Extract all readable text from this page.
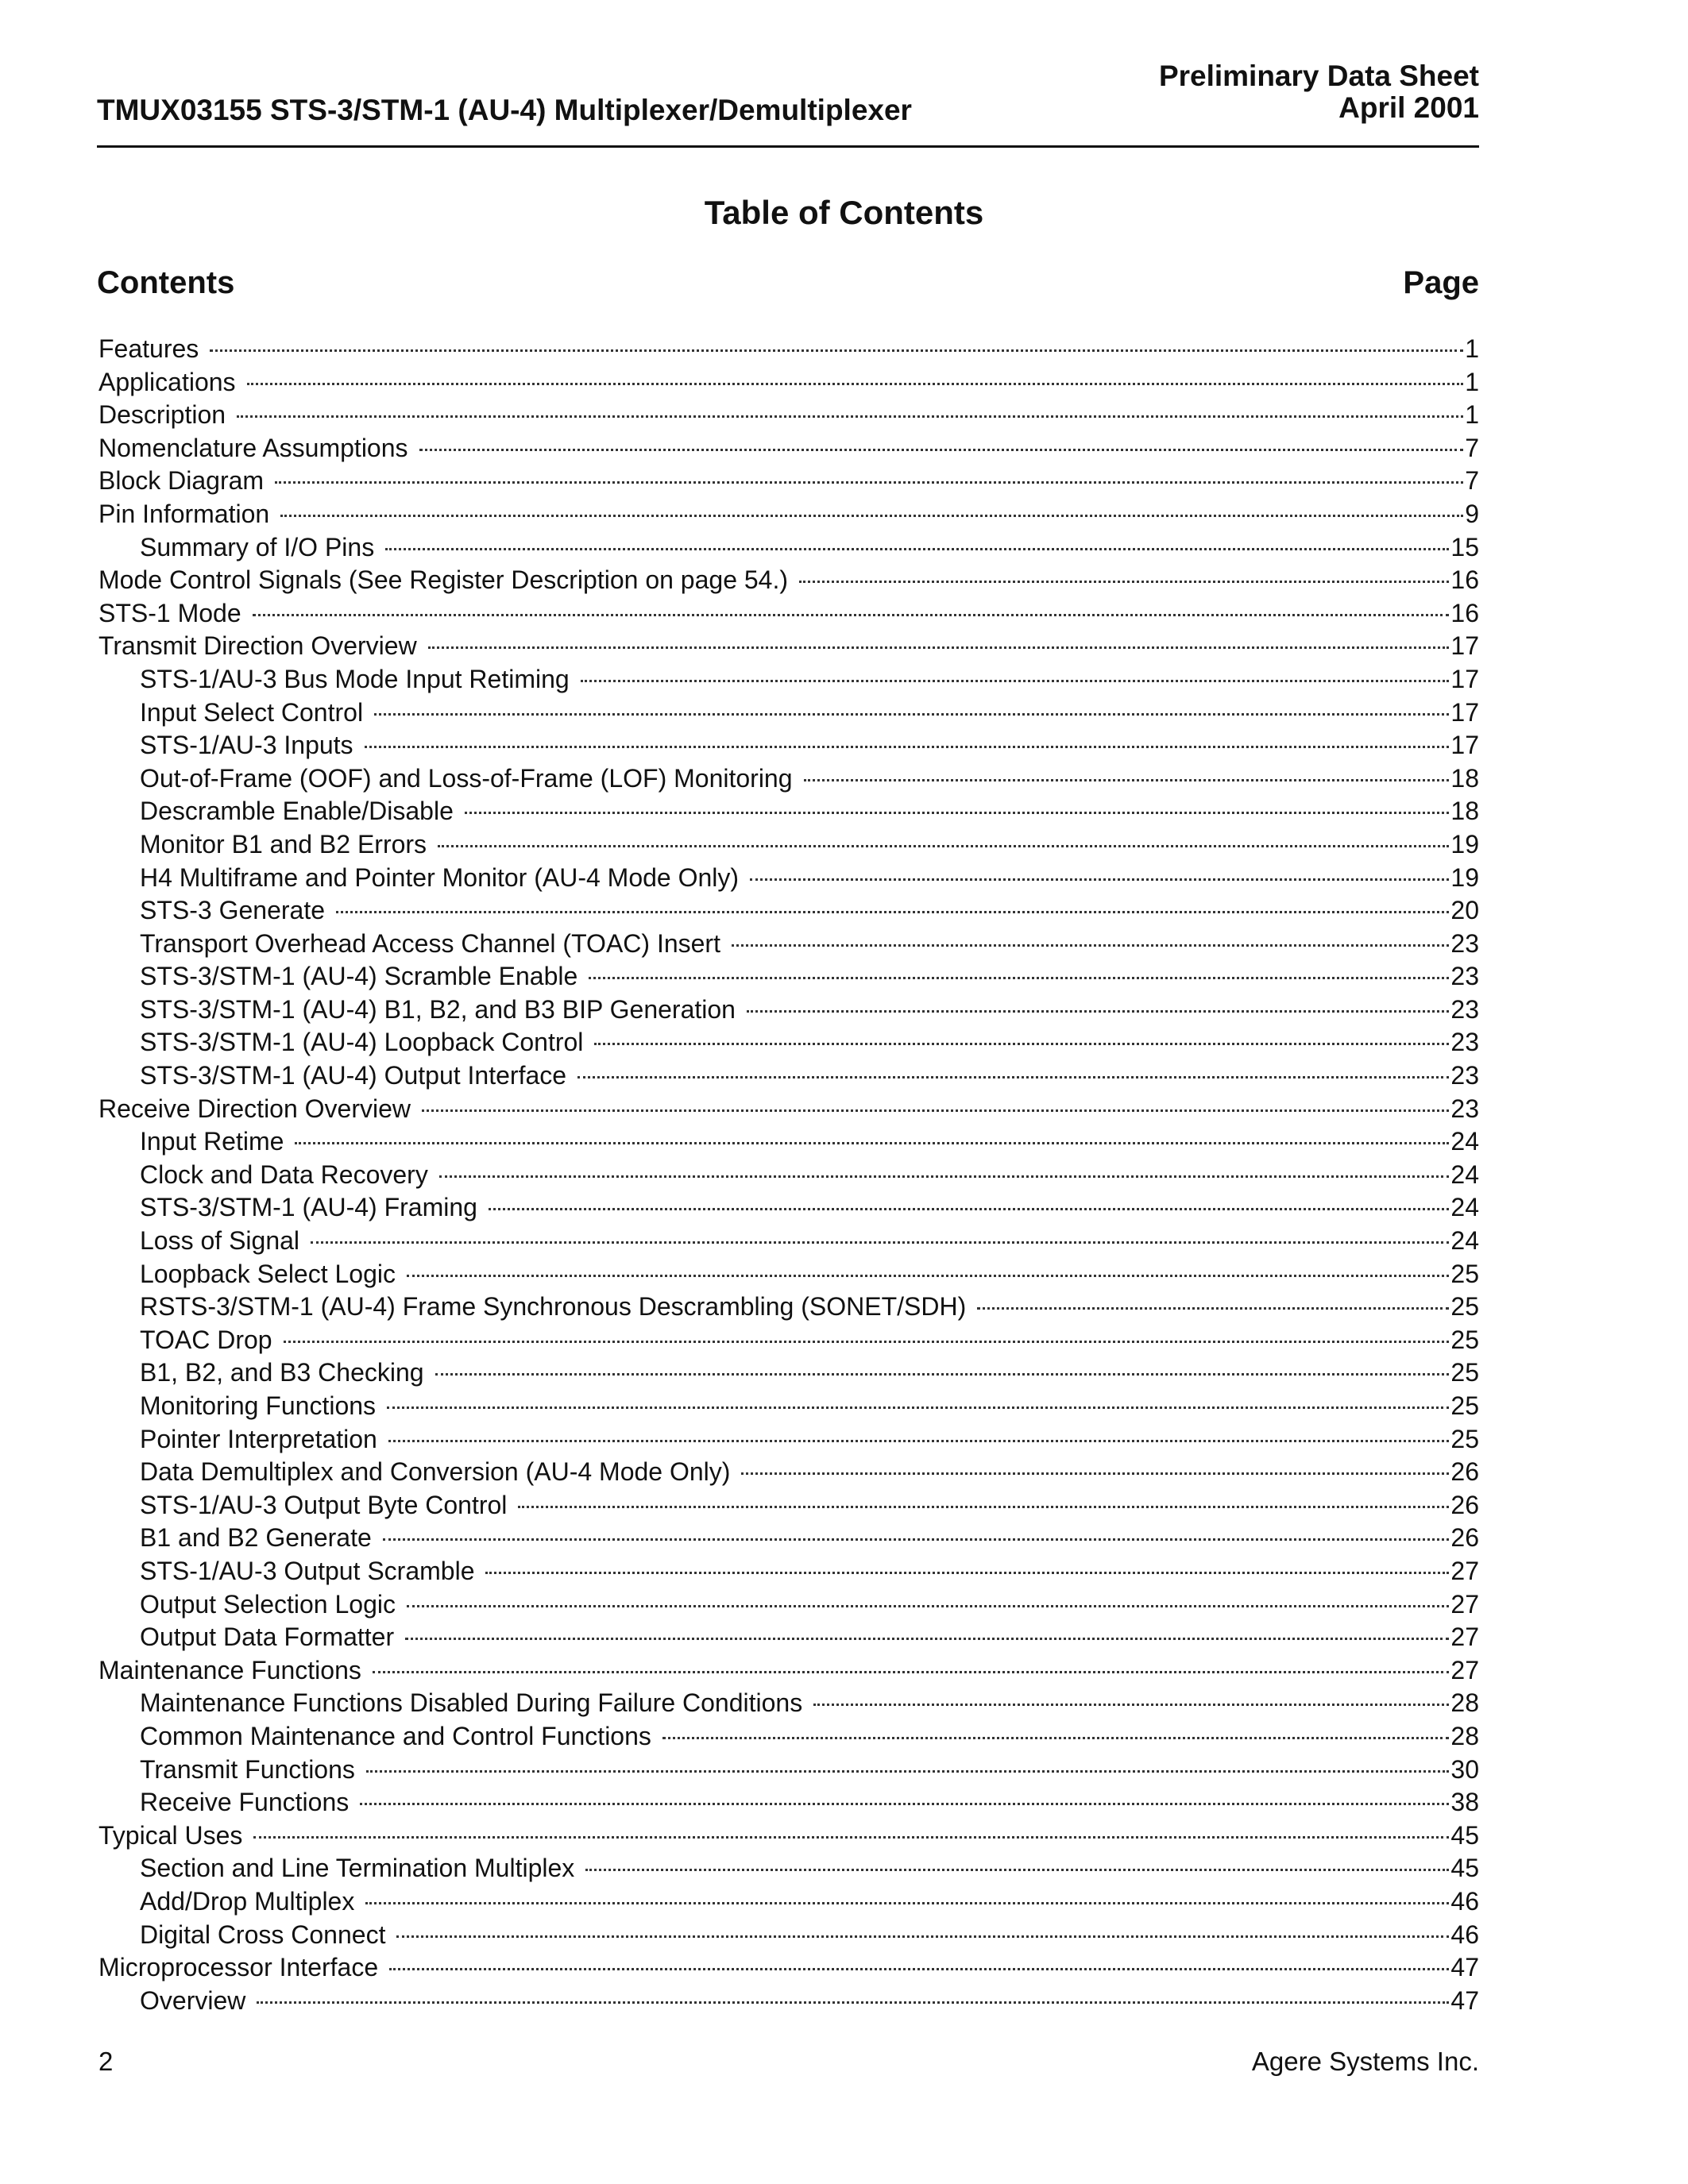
TMUX03155 STS-3/STM-1 (AU-4) Multiplexer/Demultiplexer
Preliminary Data Sheet
April 2001
Table of Contents
Contents	Page
Features	1
Applications	1
Description	1
Nomenclature Assumptions	7
Block Diagram	7
Pin Information	9
Summary of I/O Pins	15
Mode Control Signals (See Register Description on page 54.)	16
STS-1 Mode	16
Transmit Direction Overview	17
STS-1/AU-3 Bus Mode Input Retiming	17
Input Select Control	17
STS-1/AU-3 Inputs	17
Out-of-Frame (OOF) and Loss-of-Frame (LOF) Monitoring	18
Descramble Enable/Disable	18
Monitor B1 and B2 Errors	19
H4 Multiframe and Pointer Monitor (AU-4 Mode Only)	19
STS-3 Generate	20
Transport Overhead Access Channel (TOAC) Insert	23
STS-3/STM-1 (AU-4) Scramble Enable	23
STS-3/STM-1 (AU-4) B1, B2, and B3 BIP Generation	23
STS-3/STM-1 (AU-4) Loopback Control	23
STS-3/STM-1 (AU-4) Output Interface	23
Receive Direction Overview	23
Input Retime	24
Clock and Data Recovery	24
STS-3/STM-1 (AU-4) Framing	24
Loss of Signal	24
Loopback Select Logic	25
RSTS-3/STM-1 (AU-4) Frame Synchronous Descrambling (SONET/SDH)	25
TOAC Drop	25
B1, B2, and B3 Checking	25
Monitoring Functions	25
Pointer Interpretation	25
Data Demultiplex and Conversion (AU-4 Mode Only)	26
STS-1/AU-3 Output Byte Control	26
B1 and B2 Generate	26
STS-1/AU-3 Output Scramble	27
Output Selection Logic	27
Output Data Formatter	27
Maintenance Functions	27
Maintenance Functions Disabled During Failure Conditions	28
Common Maintenance and Control Functions	28
Transmit Functions	30
Receive Functions	38
Typical Uses	45
Section and Line Termination Multiplex	45
Add/Drop Multiplex	46
Digital Cross Connect	46
Microprocessor Interface	47
Overview	47
2	Agere Systems Inc.
